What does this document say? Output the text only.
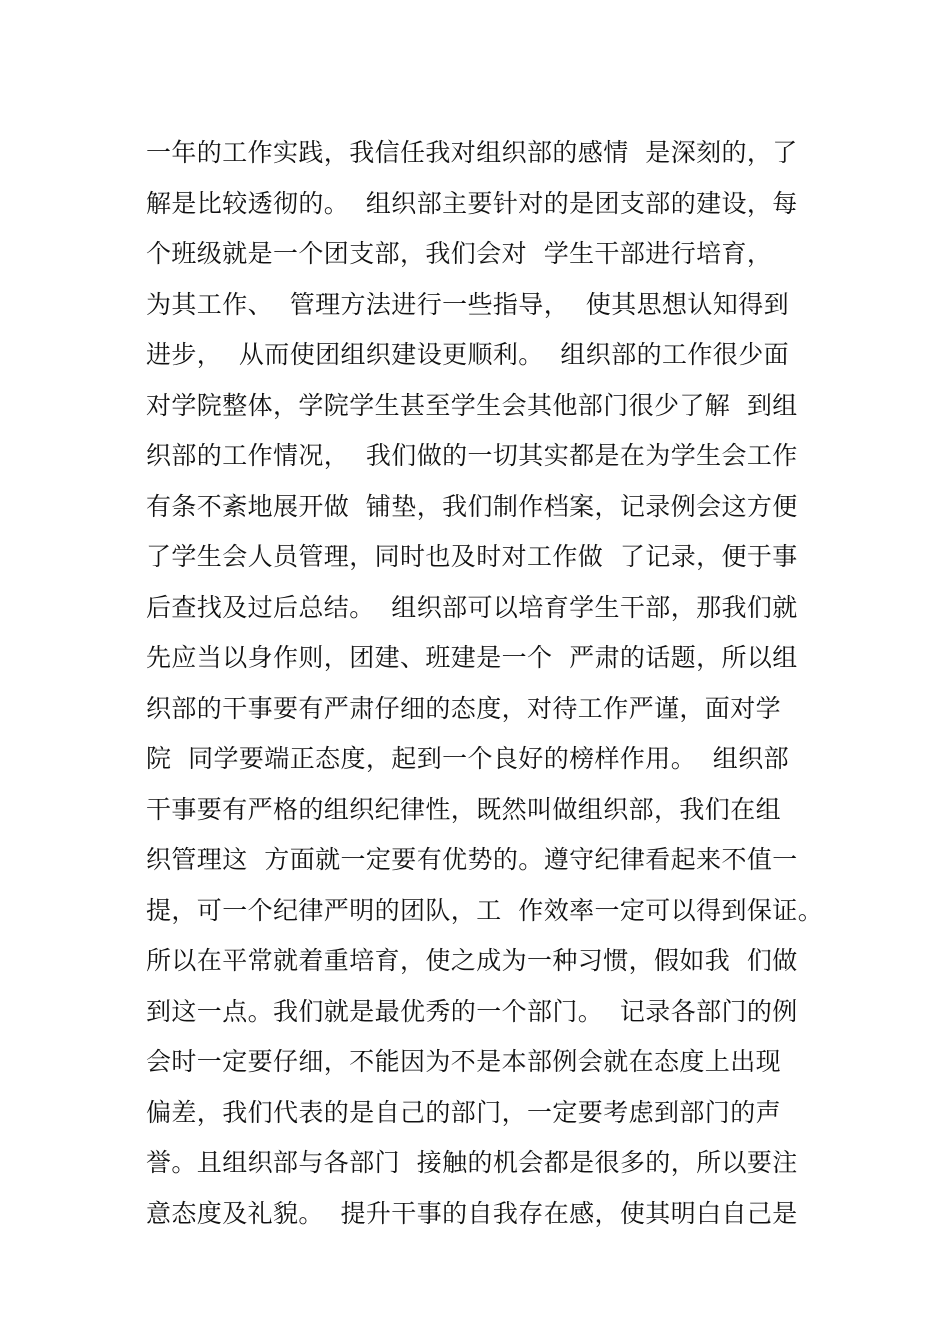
一年的工作实践，我信任我对组织部的感情  是深刻的，了
解是比较透彻的。  组织部主要针对的是团支部的建设，每
个班级就是一个团支部，我们会对  学生干部进行培育，
为其工作、  管理方法进行一些指导，  使其思想认知得到
进步，  从而使团组织建设更顺利。  组织部的工作很少面
对学院整体，学院学生甚至学生会其他部门很少了解  到组
织部的工作情况，  我们做的一切其实都是在为学生会工作
有条不紊地展开做  铺垫，我们制作档案，记录例会这方便
了学生会人员管理，同时也及时对工作做  了记录，便于事
后查找及过后总结。  组织部可以培育学生干部，那我们就
先应当以身作则，团建、班建是一个  严肃的话题，所以组
织部的干事要有严肃仔细的态度，对待工作严谨，面对学
院  同学要端正态度，起到一个良好的榜样作用。  组织部
干事要有严格的组织纪律性，既然叫做组织部，我们在组
织管理这  方面就一定要有优势的。遵守纪律看起来不值一
提，可一个纪律严明的团队，工  作效率一定可以得到保证。
所以在平常就着重培育，使之成为一种习惯，假如我  们做
到这一点。我们就是最优秀的一个部门。  记录各部门的例
会时一定要仔细，不能因为不是本部例会就在态度上出现
偏差，我们代表的是自己的部门，一定要考虑到部门的声
誉。且组织部与各部门  接触的机会都是很多的，所以要注
意态度及礼貌。  提升干事的自我存在感，使其明白自己是
